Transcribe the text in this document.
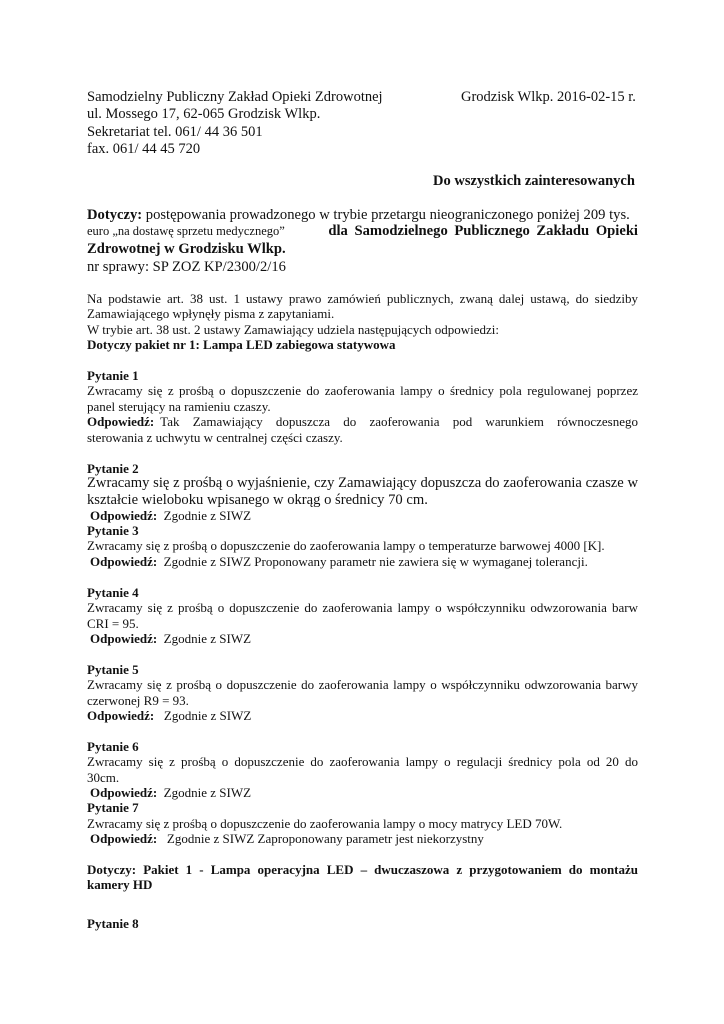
Samodzielny Publiczny Zakład Opieki Zdrowotnej	Grodzisk Wlkp. 2016-02-15 r.
ul. Mossego 17, 62-065 Grodzisk Wlkp.
Sekretariat tel. 061/ 44 36 501
fax. 061/ 44 45 720
Do wszystkich zainteresowanych
Dotyczy: postępowania prowadzonego w trybie przetargu nieograniczonego poniżej 209 tys.
euro „na dostawę sprzetu medycznego”	dla Samodzielnego Publicznego Zakładu Opieki
Zdrowotnej w Grodzisku Wlkp.
nr sprawy: SP ZOZ KP/2300/2/16
Na podstawie art. 38 ust. 1 ustawy prawo zamówień publicznych, zwaną dalej ustawą, do siedziby
Zamawiającego wpłynęły pisma z zapytaniami.
W trybie art. 38 ust. 2 ustawy Zamawiający udziela następujących odpowiedzi:
Dotyczy pakiet nr 1: Lampa LED zabiegowa statywowa
Pytanie 1
Zwracamy się z prośbą o dopuszczenie do zaoferowania lampy o średnicy pola regulowanej poprzez
panel sterujący na ramieniu czaszy.
Odpowiedź: Tak Zamawiający dopuszcza do zaoferowania pod warunkiem równoczesnego
sterowania z uchwytu w centralnej części czaszy.
Pytanie 2
Zwracamy się z prośbą o wyjaśnienie, czy Zamawiający dopuszcza do zaoferowania czasze w
kształcie wieloboku wpisanego w okrąg o średnicy 70 cm.
Odpowiedź: Zgodnie z SIWZ
Pytanie 3
Zwracamy się z prośbą o dopuszczenie do zaoferowania lampy o temperaturze barwowej 4000 [K].
Odpowiedź: Zgodnie z SIWZ Proponowany parametr nie zawiera się w wymaganej tolerancji.
Pytanie 4
Zwracamy się z prośbą o dopuszczenie do zaoferowania lampy o współczynniku odwzorowania barw
CRI = 95.
Odpowiedź: Zgodnie z SIWZ
Pytanie 5
Zwracamy się z prośbą o dopuszczenie do zaoferowania lampy o współczynniku odwzorowania barwy
czerwonej R9 = 93.
Odpowiedź: Zgodnie z SIWZ
Pytanie 6
Zwracamy się z prośbą o dopuszczenie do zaoferowania lampy o regulacji średnicy pola od 20 do
30cm.
Odpowiedź: Zgodnie z SIWZ
Pytanie 7
Zwracamy się z prośbą o dopuszczenie do zaoferowania lampy o mocy matrycy LED 70W.
Odpowiedź: Zgodnie z SIWZ Zaproponowany parametr jest niekorzystny
Dotyczy: Pakiet 1 - Lampa operacyjna LED – dwuczaszowa z przygotowaniem do montażu
kamery HD
Pytanie 8
